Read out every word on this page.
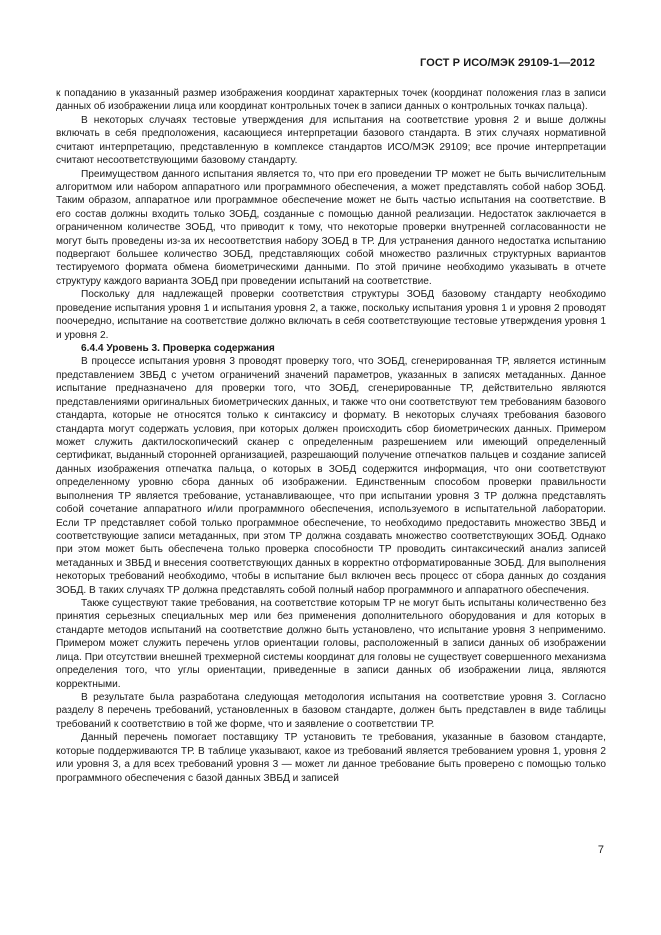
ГОСТ Р ИСО/МЭК 29109-1—2012

к попаданию в указанный размер изображения координат характерных точек (координат положения глаз в записи данных об изображении лица или координат контрольных точек в записи данных о контрольных точках пальца).

В некоторых случаях тестовые утверждения для испытания на соответствие уровня 2 и выше должны включать в себя предположения, касающиеся интерпретации базового стандарта. В этих случаях нормативной считают интерпретацию, представленную в комплексе стандартов ИСО/МЭК 29109; все прочие интерпретации считают несоответствующими базовому стандарту.

Преимуществом данного испытания является то, что при его проведении ТР может не быть вычислительным алгоритмом или набором аппаратного или программного обеспечения, а может представлять собой набор ЗОБД. Таким образом, аппаратное или программное обеспечение может не быть частью испытания на соответствие. В его состав должны входить только ЗОБД, созданные с помощью данной реализации. Недостаток заключается в ограниченном количестве ЗОБД, что приводит к тому, что некоторые проверки внутренней согласованности не могут быть проведены из-за их несоответствия набору ЗОБД в ТР. Для устранения данного недостатка испытанию подвергают большее количество ЗОБД, представляющих собой множество различных структурных вариантов тестируемого формата обмена биометрическими данными. По этой причине необходимо указывать в отчете структуру каждого варианта ЗОБД при проведении испытаний на соответствие.

Поскольку для надлежащей проверки соответствия структуры ЗОБД базовому стандарту необходимо проведение испытания уровня 1 и испытания уровня 2, а также, поскольку испытания уровня 1 и уровня 2 проводят поочередно, испытание на соответствие должно включать в себя соответствующие тестовые утверждения уровня 1 и уровня 2.

6.4.4 Уровень 3. Проверка содержания

В процессе испытания уровня 3 проводят проверку того, что ЗОБД, сгенерированная ТР, является истинным представлением ЗВБД с учетом ограничений значений параметров, указанных в записях метаданных. Данное испытание предназначено для проверки того, что ЗОБД, сгенерированные ТР, действительно являются представлениями оригинальных биометрических данных, и также что они соответствуют тем требованиям базового стандарта, которые не относятся только к синтаксису и формату. В некоторых случаях требования базового стандарта могут содержать условия, при которых должен происходить сбор биометрических данных. Примером может служить дактилоскопический сканер с определенным разрешением или имеющий определенный сертификат, выданный сторонней организацией, разрешающий получение отпечатков пальцев и создание записей данных изображения отпечатка пальца, о которых в ЗОБД содержится информация, что они соответствуют определенному уровню сбора данных об изображении. Единственным способом проверки правильности выполнения ТР является требование, устанавливающее, что при испытании уровня 3 ТР должна представлять собой сочетание аппаратного и/или программного обеспечения, используемого в испытательной лаборатории. Если ТР представляет собой только программное обеспечение, то необходимо предоставить множество ЗВБД и соответствующие записи метаданных, при этом ТР должна создавать множество соответствующих ЗОБД. Однако при этом может быть обеспечена только проверка способности ТР проводить синтаксический анализ записей метаданных и ЗВБД и внесения соответствующих данных в корректно отформатированные ЗОБД. Для выполнения некоторых требований необходимо, чтобы в испытание был включен весь процесс от сбора данных до создания ЗОБД. В таких случаях ТР должна представлять собой полный набор программного и аппаратного обеспечения.

Также существуют такие требования, на соответствие которым ТР не могут быть испытаны количественно без принятия серьезных специальных мер или без применения дополнительного оборудования и для которых в стандарте методов испытаний на соответствие должно быть установлено, что испытание уровня 3 неприменимо. Примером может служить перечень углов ориентации головы, расположенный в записи данных об изображении лица. При отсутствии внешней трехмерной системы координат для головы не существует совершенного механизма определения того, что углы ориентации, приведенные в записи данных об изображении лица, являются корректными.

В результате была разработана следующая методология испытания на соответствие уровня 3. Согласно разделу 8 перечень требований, установленных в базовом стандарте, должен быть представлен в виде таблицы требований к соответствию в той же форме, что и заявление о соответствии ТР.

Данный перечень помогает поставщику ТР установить те требования, указанные в базовом стандарте, которые поддерживаются ТР. В таблице указывают, какое из требований является требованием уровня 1, уровня 2 или уровня 3, а для всех требований уровня 3 — может ли данное требование быть проверено с помощью только программного обеспечения с базой данных ЗВБД и записей

7
